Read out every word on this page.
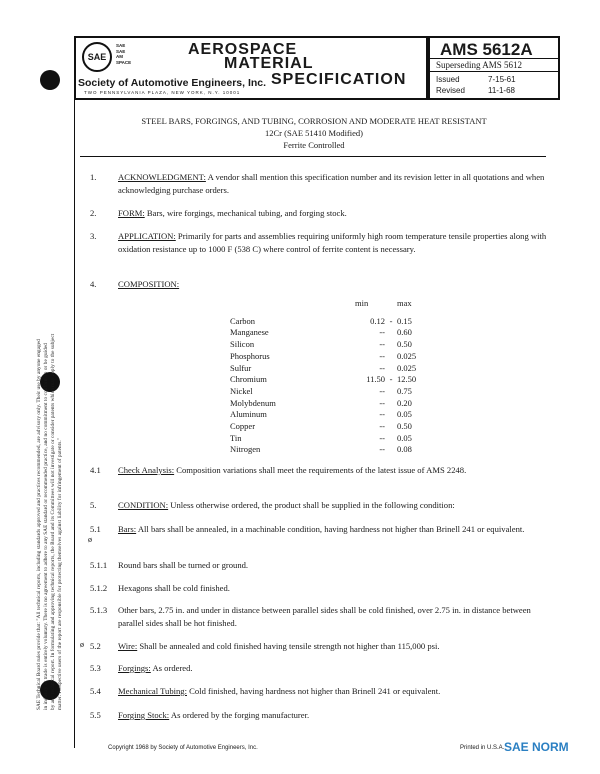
SAE Technical Board rules provide that: "All technical reports, including standards approved and practices recommended, are advisory only. Their use by anyone engaged in industry or trade is entirely voluntary. There is no agreement to adhere to any SAE standard or recommended practice, and no commitment to conform to or be guided by any technical report. In formulating and approving technical reports, the Board and its Committees will not investigate or consider patents which may apply to the subject matter. Prospective users of the report are responsible for protecting themselves against liability for infringement of patents."
SAE
SAE
SAE
AM
SPACE
AEROSPACE
MATERIAL
SPECIFICATION
Society of Automotive Engineers, Inc.
TWO PENNSYLVANIA PLAZA, NEW YORK, N.Y. 10001
AMS 5612A
Superseding AMS 5612
Issued	7-15-61
Revised	11-1-68
STEEL BARS, FORGINGS, AND TUBING, CORROSION AND MODERATE HEAT RESISTANT
12Cr (SAE 51410 Modified)
Ferrite Controlled
1.	ACKNOWLEDGMENT: A vendor shall mention this specification number and its revision letter in all quotations and when acknowledging purchase orders.
2.	FORM: Bars, wire forgings, mechanical tubing, and forging stock.
3.	APPLICATION: Primarily for parts and assemblies requiring uniformly high room temperature tensile properties along with oxidation resistance up to 1000 F (538 C) where control of ferrite content is necessary.
4.	COMPOSITION:
min	max
Carbon	0.12 - 0.15
Manganese	-- 0.60
Silicon	-- 0.50
Phosphorus	-- 0.025
Sulfur	-- 0.025
Chromium	11.50 - 12.50
Nickel	-- 0.75
Molybdenum	-- 0.20
Aluminum	-- 0.05
Copper	-- 0.50
Tin	-- 0.05
Nitrogen	-- 0.08
4.1 Check Analysis: Composition variations shall meet the requirements of the latest issue of AMS 2248.
5.	CONDITION: Unless otherwise ordered, the product shall be supplied in the following condition:
ø
5.1 Bars: All bars shall be annealed, in a machinable condition, having hardness not higher than Brinell 241 or equivalent.
5.1.1 Round bars shall be turned or ground.
5.1.2 Hexagons shall be cold finished.
5.1.3 Other bars, 2.75 in. and under in distance between parallel sides shall be cold finished, over 2.75 in. in distance between parallel sides shall be hot finished.
ø 5.2 Wire: Shall be annealed and cold finished having tensile strength not higher than 115,000 psi.
5.3 Forgings: As ordered.
5.4 Mechanical Tubing: Cold finished, having hardness not higher than Brinell 241 or equivalent.
5.5 Forging Stock: As ordered by the forging manufacturer.
Copyright 1968 by Society of Automotive Engineers, Inc.	Printed in U.S.A. SAE NORM
